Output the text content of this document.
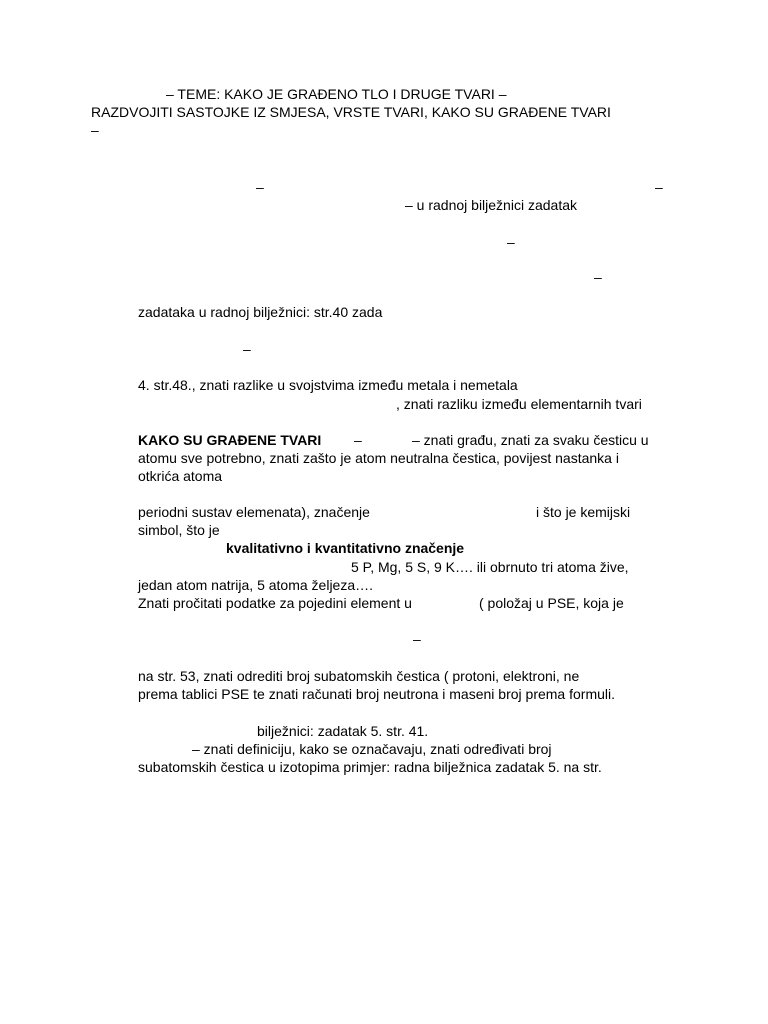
– TEME: KAKO JE GRAĐENO TLO I DRUGE TVARI –
RAZDVOJITI SASTOJKE IZ SMJESA, VRSTE TVARI, KAKO SU GRAĐENE TVARI
–
–	–
– u radnoj bilježnici zadatak
–
–
zadataka u radnoj bilježnici: str.40 zada
–
4. str.48., znati razlike u svojstvima između metala i nemetala
, znati razliku između elementarnih tvari
KAKO SU GRAĐENE TVARI –	– znati građu, znati za svaku česticu u
atomu sve potrebno, znati zašto je atom neutralna čestica, povijest nastanka i
otkrića atoma
periodni sustav elemenata), značenje	i što je kemijski
simbol, što je
kvalitativno i kvantitativno značenje
5 P, Mg, 5 S, 9 K…. ili obrnuto tri atoma žive,
jedan atom natrija, 5 atoma željeza….
Znati pročitati podatke za pojedini element u	( položaj u PSE, koja je
–
na str. 53, znati odrediti broj subatomskih čestica ( protoni, elektroni, ne
prema tablici PSE te znati računati broj neutrona i maseni broj prema formuli.
bilježnici: zadatak 5. str. 41.
– znati definiciju, kako se označavaju, znati određivati broj
subatomskih čestica u izotopima primjer: radna bilježnica zadatak 5. na str.
